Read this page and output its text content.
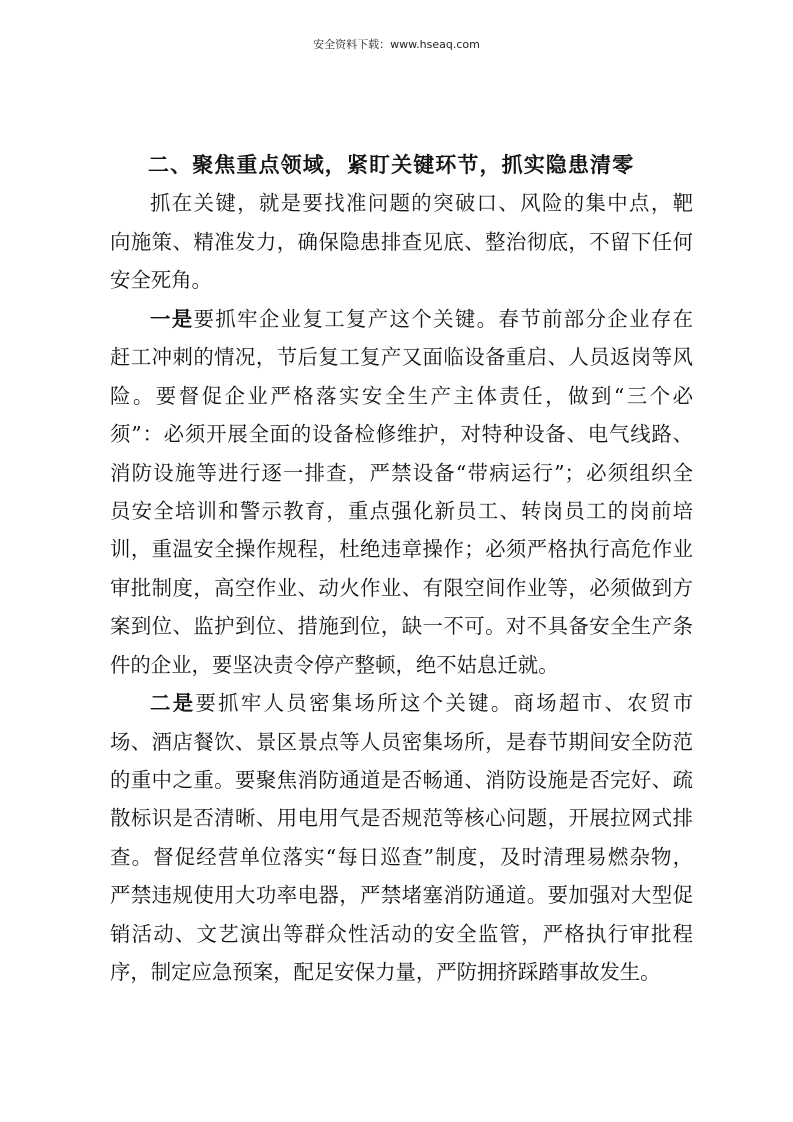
安全资料下载：www.hseaq.com
二、聚焦重点领域，紧盯关键环节，抓实隐患清零
抓在关键，就是要找准问题的突破口、风险的集中点，靶
向施策、精准发力，确保隐患排查见底、整治彻底，不留下任何
安全死角。
一是要抓牢企业复工复产这个关键。春节前部分企业存在
赶工冲刺的情况，节后复工复产又面临设备重启、人员返岗等风
险。要督促企业严格落实安全生产主体责任，做到“三个必
须”：必须开展全面的设备检修维护，对特种设备、电气线路、
消防设施等进行逐一排查，严禁设备“带病运行”；必须组织全
员安全培训和警示教育，重点强化新员工、转岗员工的岗前培
训，重温安全操作规程，杜绝违章操作；必须严格执行高危作业
审批制度，高空作业、动火作业、有限空间作业等，必须做到方
案到位、监护到位、措施到位，缺一不可。对不具备安全生产条
件的企业，要坚决责令停产整顿，绝不姑息迁就。
二是要抓牢人员密集场所这个关键。商场超市、农贸市
场、酒店餐饮、景区景点等人员密集场所，是春节期间安全防范
的重中之重。要聚焦消防通道是否畅通、消防设施是否完好、疏
散标识是否清晰、用电用气是否规范等核心问题，开展拉网式排
查。督促经营单位落实“每日巡查”制度，及时清理易燃杂物，
严禁违规使用大功率电器，严禁堵塞消防通道。要加强对大型促
销活动、文艺演出等群众性活动的安全监管，严格执行审批程
序，制定应急预案，配足安保力量，严防拥挤踩踏事故发生。
